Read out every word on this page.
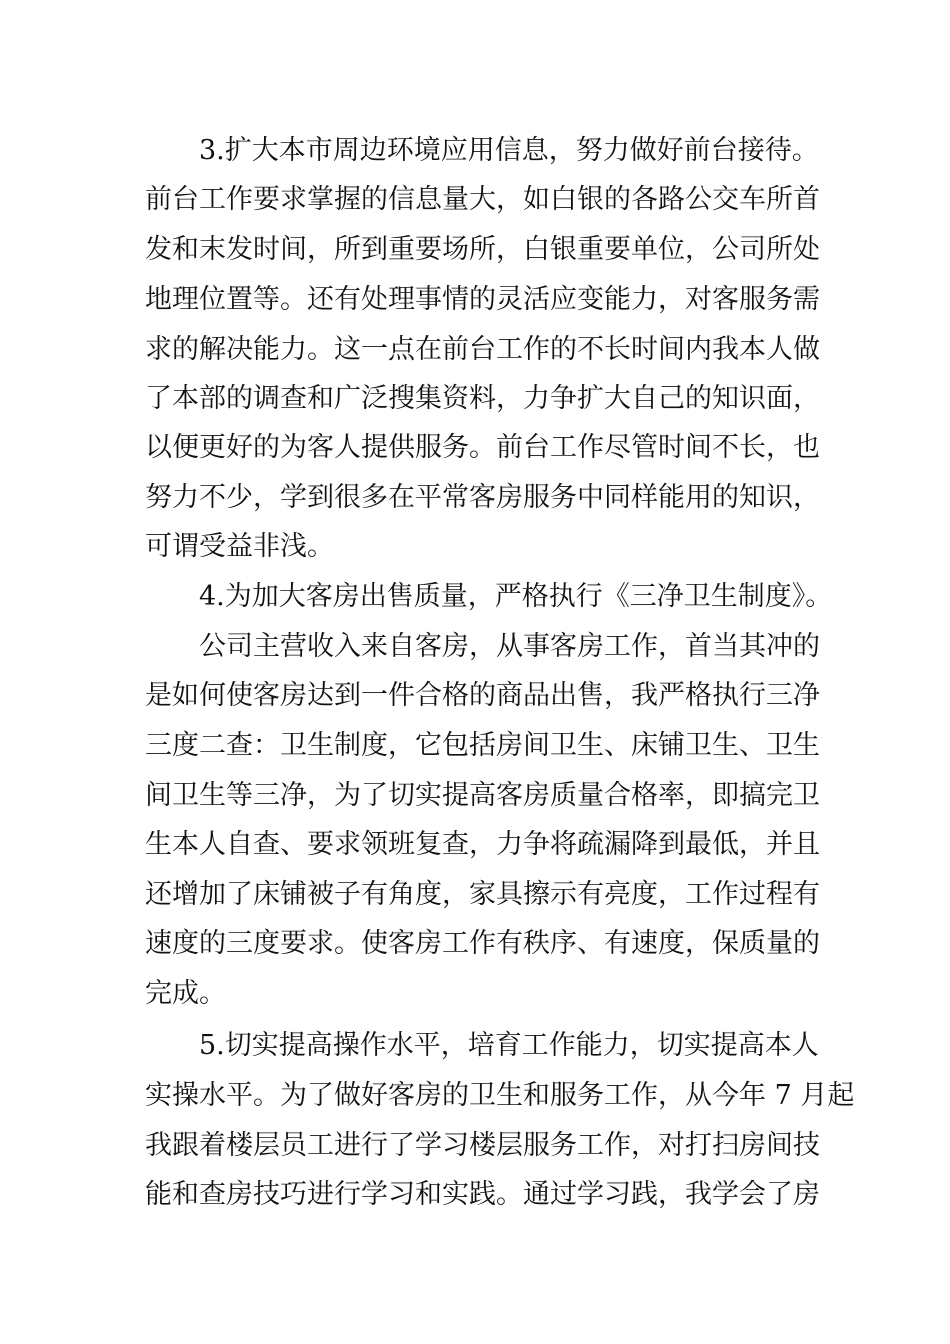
3.扩大本市周边环境应用信息，努力做好前台接待。
前台工作要求掌握的信息量大，如白银的各路公交车所首
发和末发时间，所到重要场所，白银重要单位，公司所处
地理位置等。还有处理事情的灵活应变能力，对客服务需
求的解决能力。这一点在前台工作的不长时间内我本人做
了本部的调查和广泛搜集资料，力争扩大自己的知识面，
以便更好的为客人提供服务。前台工作尽管时间不长，也
努力不少，学到很多在平常客房服务中同样能用的知识，
可谓受益非浅。
4.为加大客房出售质量，严格执行《三净卫生制度》。
公司主营收入来自客房，从事客房工作，首当其冲的
是如何使客房达到一件合格的商品出售，我严格执行三净
三度二查：卫生制度，它包括房间卫生、床铺卫生、卫生
间卫生等三净，为了切实提高客房质量合格率，即搞完卫
生本人自查、要求领班复查，力争将疏漏降到最低，并且
还增加了床铺被子有角度，家具擦示有亮度，工作过程有
速度的三度要求。使客房工作有秩序、有速度，保质量的
完成。
5.切实提高操作水平，培育工作能力，切实提高本人
实操水平。为了做好客房的卫生和服务工作，从今年 7 月起
我跟着楼层员工进行了学习楼层服务工作，对打扫房间技
能和查房技巧进行学习和实践。通过学习践，我学会了房
